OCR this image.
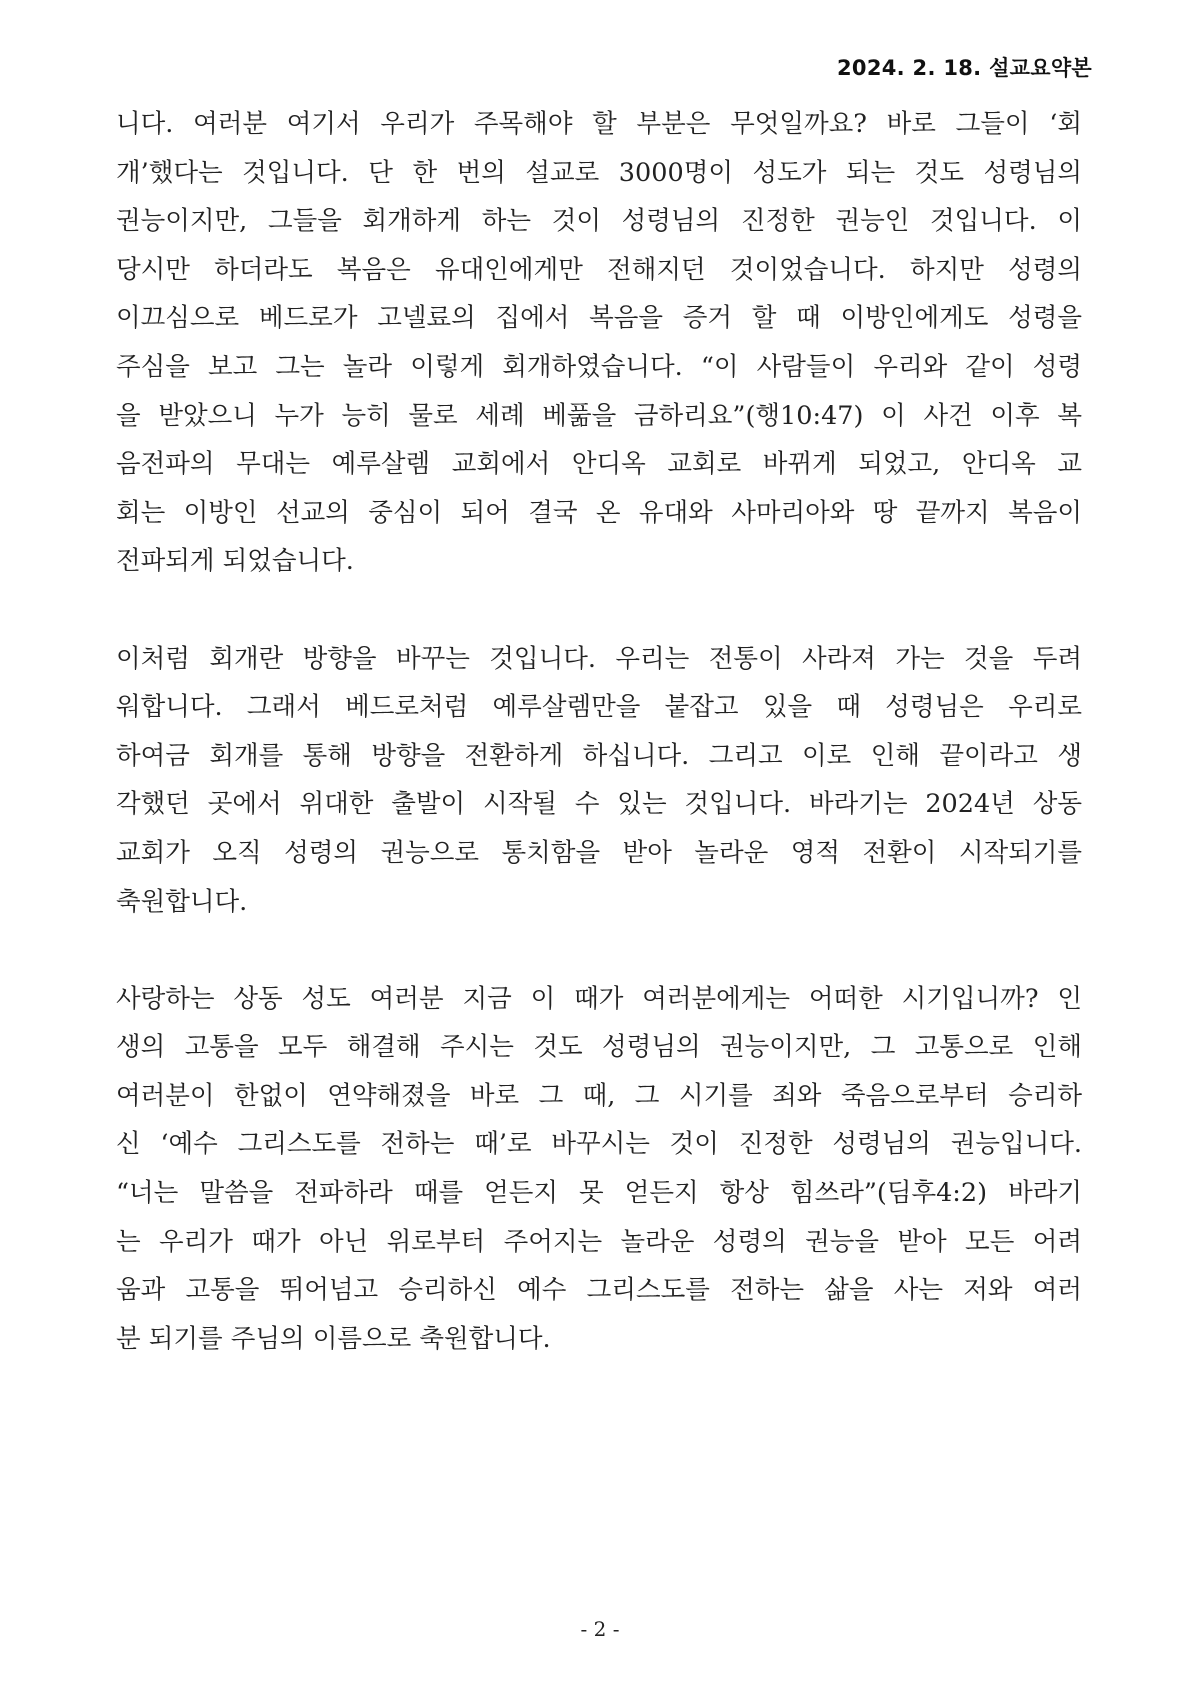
2024. 2. 18. 설교요약본
니다. 여러분 여기서 우리가 주목해야 할 부분은 무엇일까요? 바로 그들이 ‘회
개’했다는 것입니다. 단 한 번의 설교로 3000명이 성도가 되는 것도 성령님의
권능이지만, 그들을 회개하게 하는 것이 성령님의 진정한 권능인 것입니다. 이
당시만 하더라도 복음은 유대인에게만 전해지던 것이었습니다. 하지만 성령의
이끄심으로 베드로가 고넬료의 집에서 복음을 증거 할 때 이방인에게도 성령을
주심을 보고 그는 놀라 이렇게 회개하였습니다. “이 사람들이 우리와 같이 성령
을 받았으니 누가 능히 물로 세례 베풂을 금하리요”(행10:47) 이 사건 이후 복
음전파의 무대는 예루살렘 교회에서 안디옥 교회로 바뀌게 되었고, 안디옥 교
회는 이방인 선교의 중심이 되어 결국 온 유대와 사마리아와 땅 끝까지 복음이
전파되게 되었습니다.
이처럼 회개란 방향을 바꾸는 것입니다. 우리는 전통이 사라져 가는 것을 두려
워합니다. 그래서 베드로처럼 예루살렘만을 붙잡고 있을 때 성령님은 우리로
하여금 회개를 통해 방향을 전환하게 하십니다. 그리고 이로 인해 끝이라고 생
각했던 곳에서 위대한 출발이 시작될 수 있는 것입니다. 바라기는 2024년 상동
교회가 오직 성령의 권능으로 통치함을 받아 놀라운 영적 전환이 시작되기를
축원합니다.
사랑하는 상동 성도 여러분 지금 이 때가 여러분에게는 어떠한 시기입니까? 인
생의 고통을 모두 해결해 주시는 것도 성령님의 권능이지만, 그 고통으로 인해
여러분이 한없이 연약해졌을 바로 그 때, 그 시기를 죄와 죽음으로부터 승리하
신 ‘예수 그리스도를 전하는 때’로 바꾸시는 것이 진정한 성령님의 권능입니다.
“너는 말씀을 전파하라 때를 얻든지 못 얻든지 항상 힘쓰라”(딤후4:2) 바라기
는 우리가 때가 아닌 위로부터 주어지는 놀라운 성령의 권능을 받아 모든 어려
움과 고통을 뛰어넘고 승리하신 예수 그리스도를 전하는 삶을 사는 저와 여러
분 되기를 주님의 이름으로 축원합니다.
- 2 -
